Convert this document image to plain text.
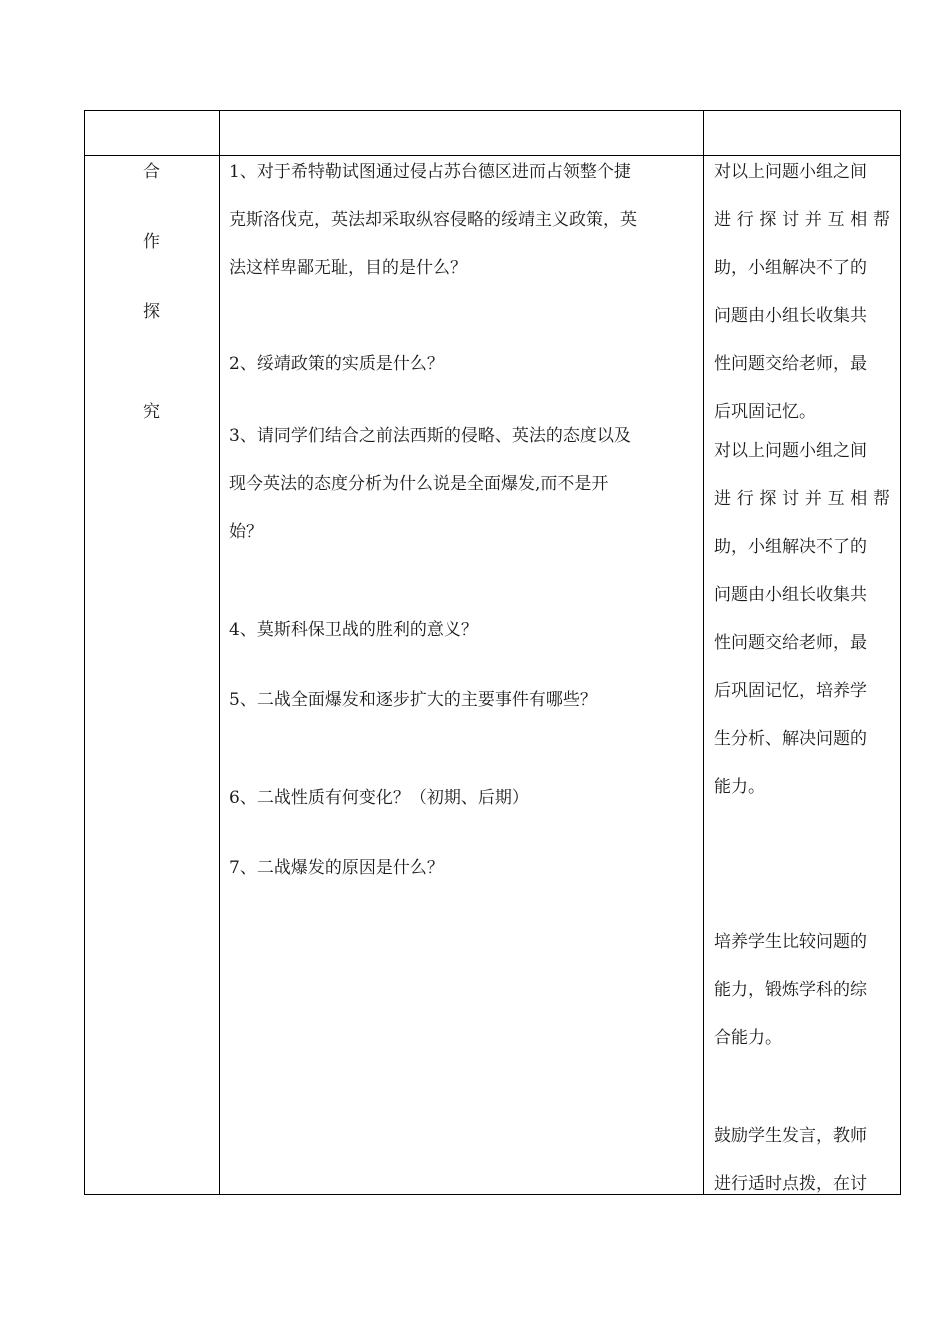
合
作
探
究
1、对于希特勒试图通过侵占苏台德区进而占领整个捷
克斯洛伐克，英法却采取纵容侵略的绥靖主义政策，英
法这样卑鄙无耻，目的是什么？
2、绥靖政策的实质是什么？
3、请同学们结合之前法西斯的侵略、英法的态度以及
现今英法的态度分析为什么说是全面爆发,而不是开
始？
4、莫斯科保卫战的胜利的意义？
5、二战全面爆发和逐步扩大的主要事件有哪些？
6、二战性质有何变化？（初期、后期）
7、二战爆发的原因是什么？
对以上问题小组之间
进行探讨并互相帮
助，小组解决不了的
问题由小组长收集共
性问题交给老师，最
后巩固记忆。
对以上问题小组之间
进行探讨并互相帮
助，小组解决不了的
问题由小组长收集共
性问题交给老师，最
后巩固记忆，培养学
生分析、解决问题的
能力。
培养学生比较问题的
能力，锻炼学科的综
合能力。
鼓励学生发言，教师
进行适时点拨，在讨
